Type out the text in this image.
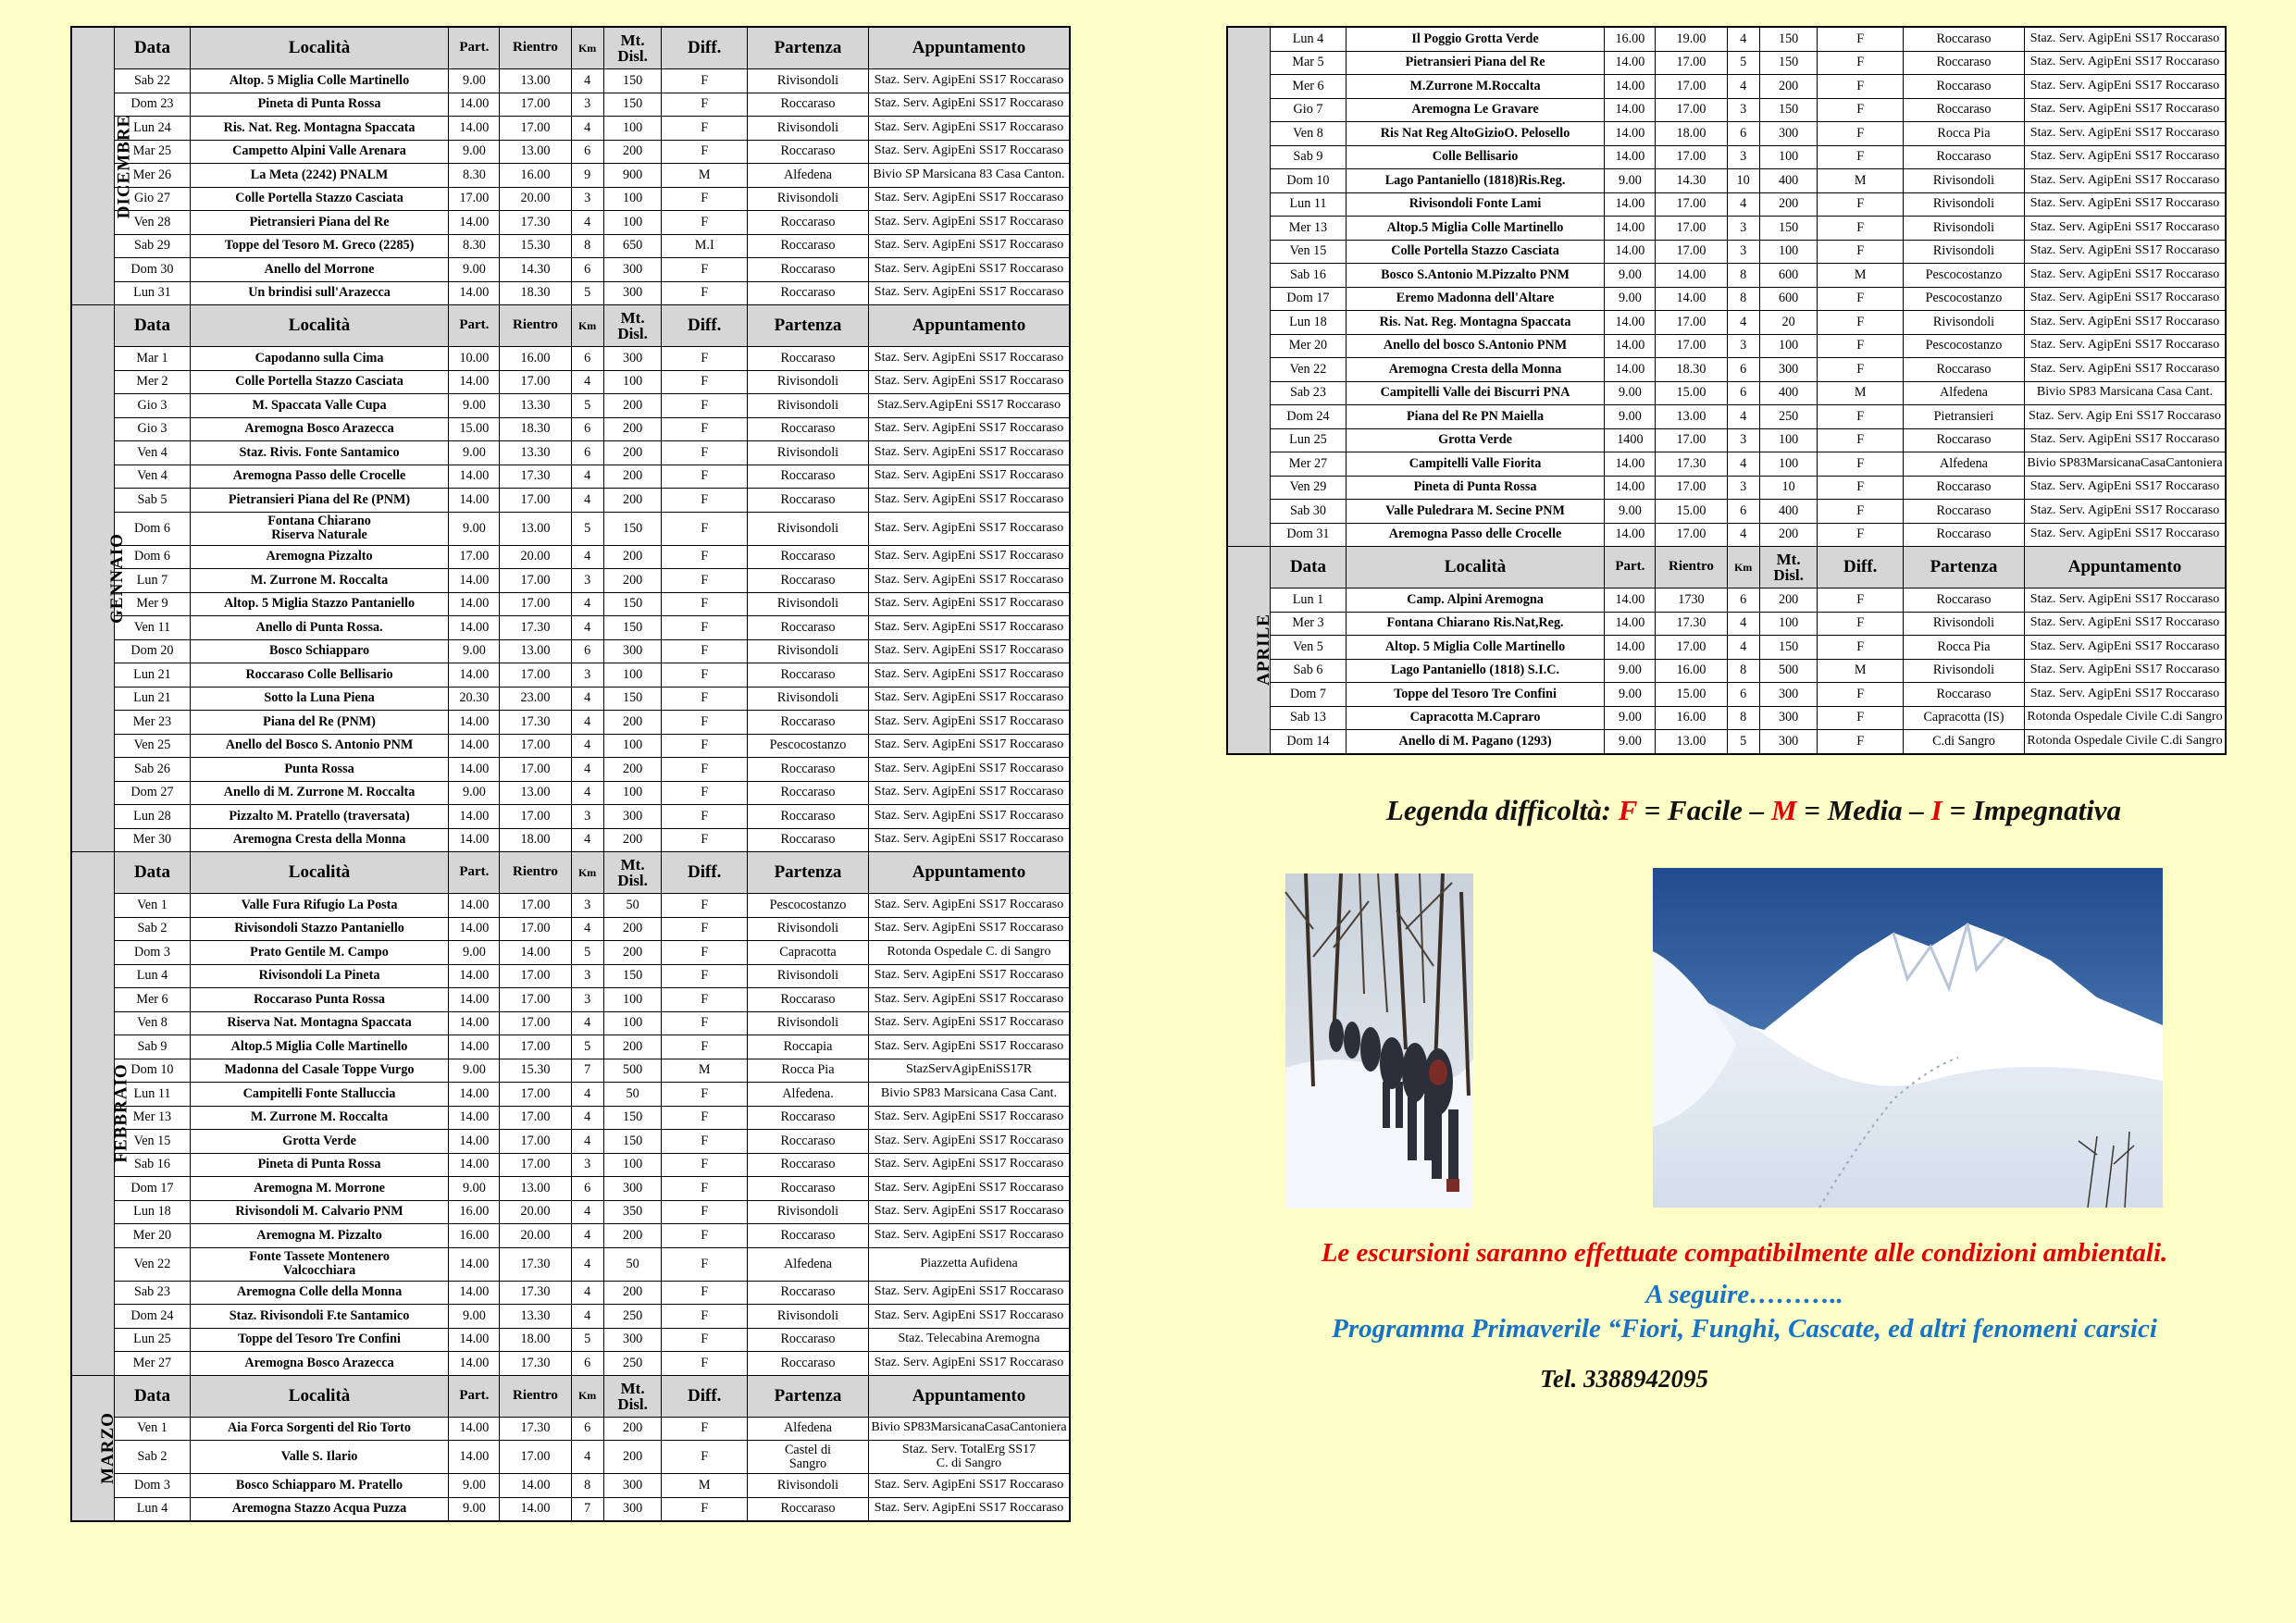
DICEMBRE	Data	Località	Part.	Rientro	Km	Mt. Disl.	Diff.	Partenza	Appuntamento
	Sab 22	Altop. 5 Miglia Colle Martinello	9.00	13.00	4	150	F	Rivisondoli	Staz. Serv. AgipEni SS17 Roccaraso
	Dom 23	Pineta di Punta Rossa	14.00	17.00	3	150	F	Roccaraso	Staz. Serv. AgipEni SS17 Roccaraso
	Lun 24	Ris. Nat. Reg. Montagna Spaccata	14.00	17.00	4	100	F	Rivisondoli	Staz. Serv. AgipEni SS17 Roccaraso
	Mar 25	Campetto Alpini Valle Arenara	9.00	13.00	6	200	F	Roccaraso	Staz. Serv. AgipEni SS17 Roccaraso
	Mer 26	La Meta (2242) PNALM	8.30	16.00	9	900	M	Alfedena	Bivio SP Marsicana 83 Casa Canton.
	Gio 27	Colle Portella Stazzo Casciata	17.00	20.00	3	100	F	Rivisondoli	Staz. Serv. AgipEni SS17 Roccaraso
	Ven 28	Pietransieri Piana del Re	14.00	17.30	4	100	F	Roccaraso	Staz. Serv. AgipEni SS17 Roccaraso
	Sab 29	Toppe del Tesoro M. Greco (2285)	8.30	15.30	8	650	M.I	Roccaraso	Staz. Serv. AgipEni SS17 Roccaraso
	Dom 30	Anello del Morrone	9.00	14.30	6	300	F	Roccaraso	Staz. Serv. AgipEni SS17 Roccaraso
	Lun 31	Un brindisi sull'Arazecca	14.00	18.30	5	300	F	Roccaraso	Staz. Serv. AgipEni SS17 Roccaraso
GENNAIO	Data	Località	Part.	Rientro	Km	Mt. Disl.	Diff.	Partenza	Appuntamento
	Mar 1	Capodanno sulla Cima	10.00	16.00	6	300	F	Roccaraso	Staz. Serv. AgipEni SS17 Roccaraso
	Mer 2	Colle Portella Stazzo Casciata	14.00	17.00	4	100	F	Rivisondoli	Staz. Serv. AgipEni SS17 Roccaraso
	Gio 3	M. Spaccata Valle Cupa	9.00	13.30	5	200	F	Rivisondoli	Staz.Serv.AgipEni SS17 Roccaraso
	Gio 3	Aremogna Bosco Arazecca	15.00	18.30	6	200	F	Roccaraso	Staz. Serv. AgipEni SS17 Roccaraso
	Ven 4	Staz. Rivis. Fonte Santamico	9.00	13.30	6	200	F	Rivisondoli	Staz. Serv. AgipEni SS17 Roccaraso
	Ven 4	Aremogna Passo delle Crocelle	14.00	17.30	4	200	F	Roccaraso	Staz. Serv. AgipEni SS17 Roccaraso
	Sab 5	Pietransieri Piana del Re (PNM)	14.00	17.00	4	200	F	Roccaraso	Staz. Serv. AgipEni SS17 Roccaraso
	Dom 6	Fontana Chiarano
Riserva Naturale	9.00	13.00	5	150	F	Rivisondoli	Staz. Serv. AgipEni SS17 Roccaraso
	Dom 6	Aremogna Pizzalto	17.00	20.00	4	200	F	Roccaraso	Staz. Serv. AgipEni SS17 Roccaraso
	Lun 7	M. Zurrone M. Roccalta	14.00	17.00	3	200	F	Roccaraso	Staz. Serv. AgipEni SS17 Roccaraso
	Mer 9	Altop. 5 Miglia Stazzo Pantaniello	14.00	17.00	4	150	F	Rivisondoli	Staz. Serv. AgipEni SS17 Roccaraso
	Ven 11	Anello di Punta Rossa.	14.00	17.30	4	150	F	Roccaraso	Staz. Serv. AgipEni SS17 Roccaraso
	Dom 20	Bosco Schiapparo	9.00	13.00	6	300	F	Rivisondoli	Staz. Serv. AgipEni SS17 Roccaraso
	Lun 21	Roccaraso Colle Bellisario	14.00	17.00	3	100	F	Roccaraso	Staz. Serv. AgipEni SS17 Roccaraso
	Lun 21	Sotto la Luna Piena	20.30	23.00	4	150	F	Rivisondoli	Staz. Serv. AgipEni SS17 Roccaraso
	Mer 23	Piana del Re (PNM)	14.00	17.30	4	200	F	Roccaraso	Staz. Serv. AgipEni SS17 Roccaraso
	Ven 25	Anello del Bosco S. Antonio PNM	14.00	17.00	4	100	F	Pescocostanzo	Staz. Serv. AgipEni SS17 Roccaraso
	Sab 26	Punta Rossa	14.00	17.00	4	200	F	Roccaraso	Staz. Serv. AgipEni SS17 Roccaraso
	Dom 27	Anello di M. Zurrone M. Roccalta	9.00	13.00	4	100	F	Roccaraso	Staz. Serv. AgipEni SS17 Roccaraso
	Lun 28	Pizzalto M. Pratello (traversata)	14.00	17.00	3	300	F	Roccaraso	Staz. Serv. AgipEni SS17 Roccaraso
	Mer 30	Aremogna Cresta della Monna	14.00	18.00	4	200	F	Roccaraso	Staz. Serv. AgipEni SS17 Roccaraso
FEBBRAIO	Data	Località	Part.	Rientro	Km	Mt. Disl.	Diff.	Partenza	Appuntamento
	Ven 1	Valle Fura Rifugio La Posta	14.00	17.00	3	50	F	Pescocostanzo	Staz. Serv. AgipEni SS17 Roccaraso
	Sab 2	Rivisondoli Stazzo Pantaniello	14.00	17.00	4	200	F	Rivisondoli	Staz. Serv. AgipEni SS17 Roccaraso
	Dom 3	Prato Gentile M. Campo	9.00	14.00	5	200	F	Capracotta	Rotonda Ospedale C. di Sangro
	Lun 4	Rivisondoli La Pineta	14.00	17.00	3	150	F	Rivisondoli	Staz. Serv. AgipEni SS17 Roccaraso
	Mer 6	Roccaraso Punta Rossa	14.00	17.00	3	100	F	Roccaraso	Staz. Serv. AgipEni SS17 Roccaraso
	Ven 8	Riserva Nat. Montagna Spaccata	14.00	17.00	4	100	F	Rivisondoli	Staz. Serv. AgipEni SS17 Roccaraso
	Sab 9	Altop.5 Miglia Colle Martinello	14.00	17.00	5	200	F	Roccapia	Staz. Serv. AgipEni SS17 Roccaraso
	Dom 10	Madonna del Casale Toppe Vurgo	9.00	15.30	7	500	M	Rocca Pia	StazServAgipEniSS17R
	Lun 11	Campitelli Fonte Stalluccia	14.00	17.00	4	50	F	Alfedena.	Bivio SP83 Marsicana Casa Cant.
	Mer 13	M. Zurrone M. Roccalta	14.00	17.00	4	150	F	Roccaraso	Staz. Serv. AgipEni SS17 Roccaraso
	Ven 15	Grotta Verde	14.00	17.00	4	150	F	Roccaraso	Staz. Serv. AgipEni SS17 Roccaraso
	Sab 16	Pineta di Punta Rossa	14.00	17.00	3	100	F	Roccaraso	Staz. Serv. AgipEni SS17 Roccaraso
	Dom 17	Aremogna M. Morrone	9.00	13.00	6	300	F	Roccaraso	Staz. Serv. AgipEni SS17 Roccaraso
	Lun 18	Rivisondoli M. Calvario PNM	16.00	20.00	4	350	F	Rivisondoli	Staz. Serv. AgipEni SS17 Roccaraso
	Mer 20	Aremogna M. Pizzalto	16.00	20.00	4	200	F	Roccaraso	Staz. Serv. AgipEni SS17 Roccaraso
	Ven 22	Fonte Tassete Montenero
Valcocchiara	14.00	17.30	4	50	F	Alfedena	Piazzetta Aufidena
	Sab 23	Aremogna Colle della Monna	14.00	17.30	4	200	F	Roccaraso	Staz. Serv. AgipEni SS17 Roccaraso
	Dom 24	Staz. Rivisondoli F.te Santamico	9.00	13.30	4	250	F	Rivisondoli	Staz. Serv. AgipEni SS17 Roccaraso
	Lun 25	Toppe del Tesoro Tre Confini	14.00	18.00	5	300	F	Roccaraso	Staz. Telecabina Aremogna
	Mer 27	Aremogna Bosco Arazecca	14.00	17.30	6	250	F	Roccaraso	Staz. Serv. AgipEni SS17 Roccaraso
MARZO	Data	Località	Part.	Rientro	Km	Mt. Disl.	Diff.	Partenza	Appuntamento
	Ven 1	Aia Forca Sorgenti del Rio Torto	14.00	17.30	6	200	F	Alfedena	Bivio SP83MarsicanaCasaCantoniera
	Sab 2	Valle S. Ilario	14.00	17.00	4	200	F	Castel di
Sangro	Staz. Serv. TotalErg SS17
C. di Sangro
	Dom 3	Bosco Schiapparo M. Pratello	9.00	14.00	8	300	M	Rivisondoli	Staz. Serv. AgipEni SS17 Roccaraso
	Lun 4	Aremogna Stazzo Acqua Puzza	9.00	14.00	7	300	F	Roccaraso	Staz. Serv. AgipEni SS17 Roccaraso
	Lun 4	Il Poggio Grotta Verde	16.00	19.00	4	150	F	Roccaraso	Staz. Serv. AgipEni SS17 Roccaraso
	Mar 5	Pietransieri Piana del Re	14.00	17.00	5	150	F	Roccaraso	Staz. Serv. AgipEni SS17 Roccaraso
	Mer 6	M.Zurrone M.Roccalta	14.00	17.00	4	200	F	Roccaraso	Staz. Serv. AgipEni SS17 Roccaraso
	Gio 7	Aremogna Le Gravare	14.00	17.00	3	150	F	Roccaraso	Staz. Serv. AgipEni SS17 Roccaraso
	Ven 8	Ris Nat Reg AltoGizioO. Pelosello	14.00	18.00	6	300	F	Rocca Pia	Staz. Serv. AgipEni SS17 Roccaraso
	Sab 9	Colle Bellisario	14.00	17.00	3	100	F	Roccaraso	Staz. Serv. AgipEni SS17 Roccaraso
	Dom 10	Lago Pantaniello (1818)Ris.Reg.	9.00	14.30	10	400	M	Rivisondoli	Staz. Serv. AgipEni SS17 Roccaraso
	Lun 11	Rivisondoli Fonte Lami	14.00	17.00	4	200	F	Rivisondoli	Staz. Serv. AgipEni SS17 Roccaraso
	Mer 13	Altop.5 Miglia Colle Martinello	14.00	17.00	3	150	F	Rivisondoli	Staz. Serv. AgipEni SS17 Roccaraso
	Ven 15	Colle Portella Stazzo Casciata	14.00	17.00	3	100	F	Rivisondoli	Staz. Serv. AgipEni SS17 Roccaraso
	Sab 16	Bosco S.Antonio M.Pizzalto PNM	9.00	14.00	8	600	M	Pescocostanzo	Staz. Serv. AgipEni SS17 Roccaraso
	Dom 17	Eremo Madonna dell'Altare	9.00	14.00	8	600	F	Pescocostanzo	Staz. Serv. AgipEni SS17 Roccaraso
	Lun 18	Ris. Nat. Reg. Montagna Spaccata	14.00	17.00	4	20	F	Rivisondoli	Staz. Serv. AgipEni SS17 Roccaraso
	Mer 20	Anello del bosco S.Antonio PNM	14.00	17.00	3	100	F	Pescocostanzo	Staz. Serv. AgipEni SS17 Roccaraso
	Ven 22	Aremogna Cresta della Monna	14.00	18.30	6	300	F	Roccaraso	Staz. Serv. AgipEni SS17 Roccaraso
	Sab 23	Campitelli Valle dei Biscurri PNA	9.00	15.00	6	400	M	Alfedena	Bivio SP83 Marsicana Casa Cant.
	Dom 24	Piana del Re PN Maiella	9.00	13.00	4	250	F	Pietransieri	Staz. Serv. Agip Eni SS17 Roccaraso
	Lun 25	Grotta Verde	1400	17.00	3	100	F	Roccaraso	Staz. Serv. AgipEni SS17 Roccaraso
	Mer 27	Campitelli Valle Fiorita	14.00	17.30	4	100	F	Alfedena	Bivio SP83MarsicanaCasaCantoniera
	Ven 29	Pineta di Punta Rossa	14.00	17.00	3	10	F	Roccaraso	Staz. Serv. AgipEni SS17 Roccaraso
	Sab 30	Valle Puledrara M. Secine PNM	9.00	15.00	6	400	F	Roccaraso	Staz. Serv. AgipEni SS17 Roccaraso
	Dom 31	Aremogna Passo delle Crocelle	14.00	17.00	4	200	F	Roccaraso	Staz. Serv. AgipEni SS17 Roccaraso
APRILE	Data	Località	Part.	Rientro	Km	Mt. Disl.	Diff.	Partenza	Appuntamento
	Lun 1	Camp. Alpini Aremogna	14.00	1730	6	200	F	Roccaraso	Staz. Serv. AgipEni SS17 Roccaraso
	Mer 3	Fontana Chiarano Ris.Nat,Reg.	14.00	17.30	4	100	F	Rivisondoli	Staz. Serv. AgipEni SS17 Roccaraso
	Ven 5	Altop. 5 Miglia Colle Martinello	14.00	17.00	4	150	F	Rocca Pia	Staz. Serv. AgipEni SS17 Roccaraso
	Sab 6	Lago Pantaniello (1818) S.I.C.	9.00	16.00	8	500	M	Rivisondoli	Staz. Serv. AgipEni SS17 Roccaraso
	Dom 7	Toppe del Tesoro Tre Confini	9.00	15.00	6	300	F	Roccaraso	Staz. Serv. AgipEni SS17 Roccaraso
	Sab 13	Capracotta M.Capraro	9.00	16.00	8	300	F	Capracotta (IS)	Rotonda Ospedale Civile C.di Sangro
	Dom 14	Anello di M. Pagano (1293)	9.00	13.00	5	300	F	C.di Sangro	Rotonda Ospedale Civile C.di Sangro
Legenda difficoltà: F = Facile – M = Media – I = Impegnativa
Le escursioni saranno effettuate compatibilmente alle condizioni ambientali.
A seguire………..
Programma Primaverile “Fiori, Funghi, Cascate, ed altri fenomeni carsici
Tel. 3388942095
